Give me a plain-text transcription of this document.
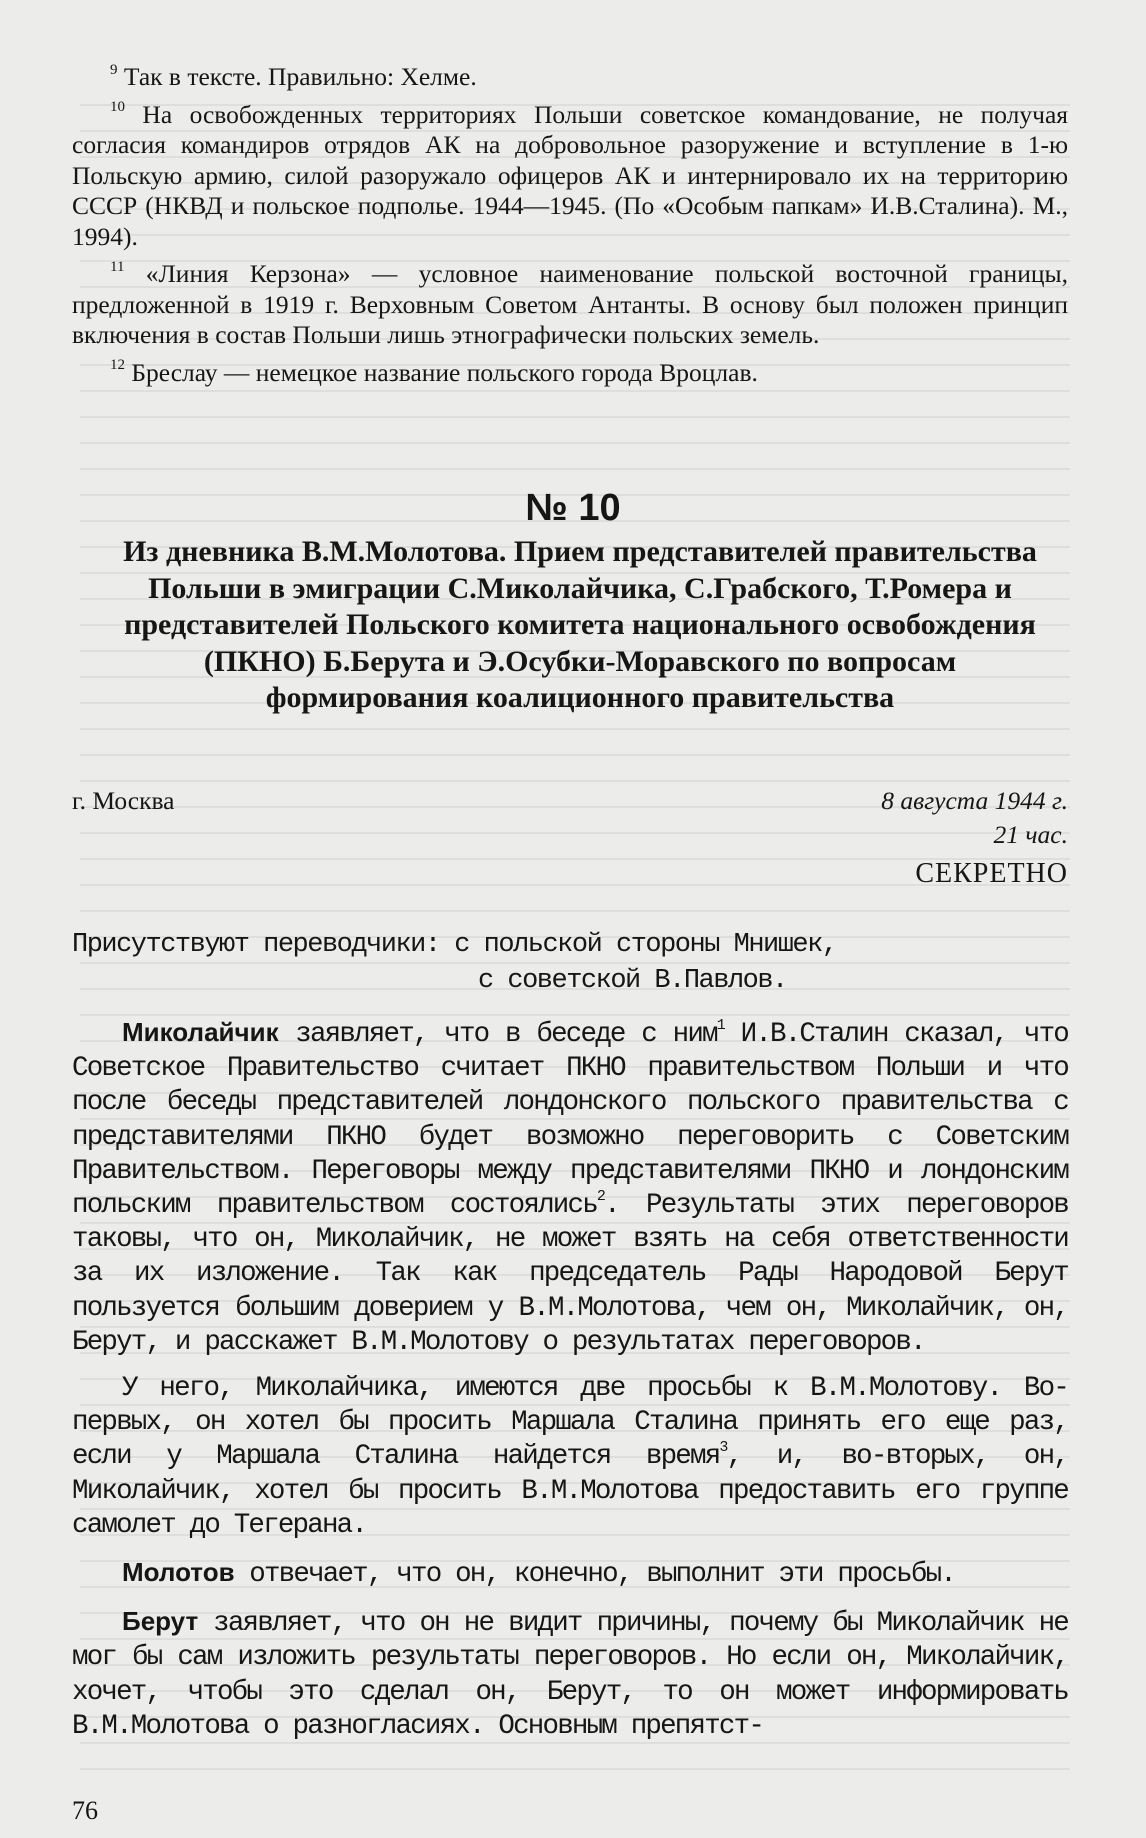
$^9$ Так в тексте. Правильно: Хелме.

$^{10}$ На освобожденных территориях Польши советское командование, не получая согласия командиров отрядов АК на добровольное разоружение и вступление в 1-ю Польскую армию, силой разоружало офицеров АК и интернировало их на территорию СССР (НКВД и польское подполье. 1944—1945. (По «Особым папкам» И.В.Сталина). М., 1994).

$^{11}$ «Линия Керзона» — условное наименование польской восточной границы, предложенной в 1919 г. Верховным Советом Антанты. В основу был положен принцип включения в состав Польши лишь этнографически польских земель.

$^{12}$ Бреслау — немецкое название польского города Вроцлав.

№ 10
Из дневника В.М.Молотова. Прием представителей правительства Польши в эмиграции С.Миколайчика, С.Грабского, Т.Ромера и представителей Польского комитета национального освобождения (ПКНО) Б.Берута и Э.Осубки-Моравского по вопросам формирования коалиционного правительства
г. Москва	8 августа 1944 г.
21 час.
СЕКРЕТНО
Присутствуют переводчики: с польской стороны Мнишек,
с советской В.Павлов.

Миколайчик заявляет, что в беседе с ним$^1$ И.В.Сталин сказал, что Советское Правительство считает ПКНО правительством Польши и что после беседы представителей лондонского польского правительства с представителями ПКНО будет возможно переговорить с Советским Правительством. Переговоры между представителями ПКНО и лондонским польским правительством состоялись$^2$. Результаты этих переговоров таковы, что он, Миколайчик, не может взять на себя ответственности за их изложение. Так как председатель Рады Народовой Берут пользуется большим доверием у В.М.Молотова, чем он, Миколайчик, он, Берут, и расскажет В.М.Молотову о результатах переговоров.

У него, Миколайчика, имеются две просьбы к В.М.Молотову. Во-первых, он хотел бы просить Маршала Сталина принять его еще раз, если у Маршала Сталина найдется время$^3$, и, во-вторых, он, Миколайчик, хотел бы просить В.М.Молотова предоставить его группе самолет до Тегерана.

Молотов отвечает, что он, конечно, выполнит эти просьбы.

Берут заявляет, что он не видит причины, почему бы Миколайчик не мог бы сам изложить результаты переговоров. Но если он, Миколайчик, хочет, чтобы это сделал он, Берут, то он может информировать В.М.Молотова о разногласиях. Основным препятст-

76
